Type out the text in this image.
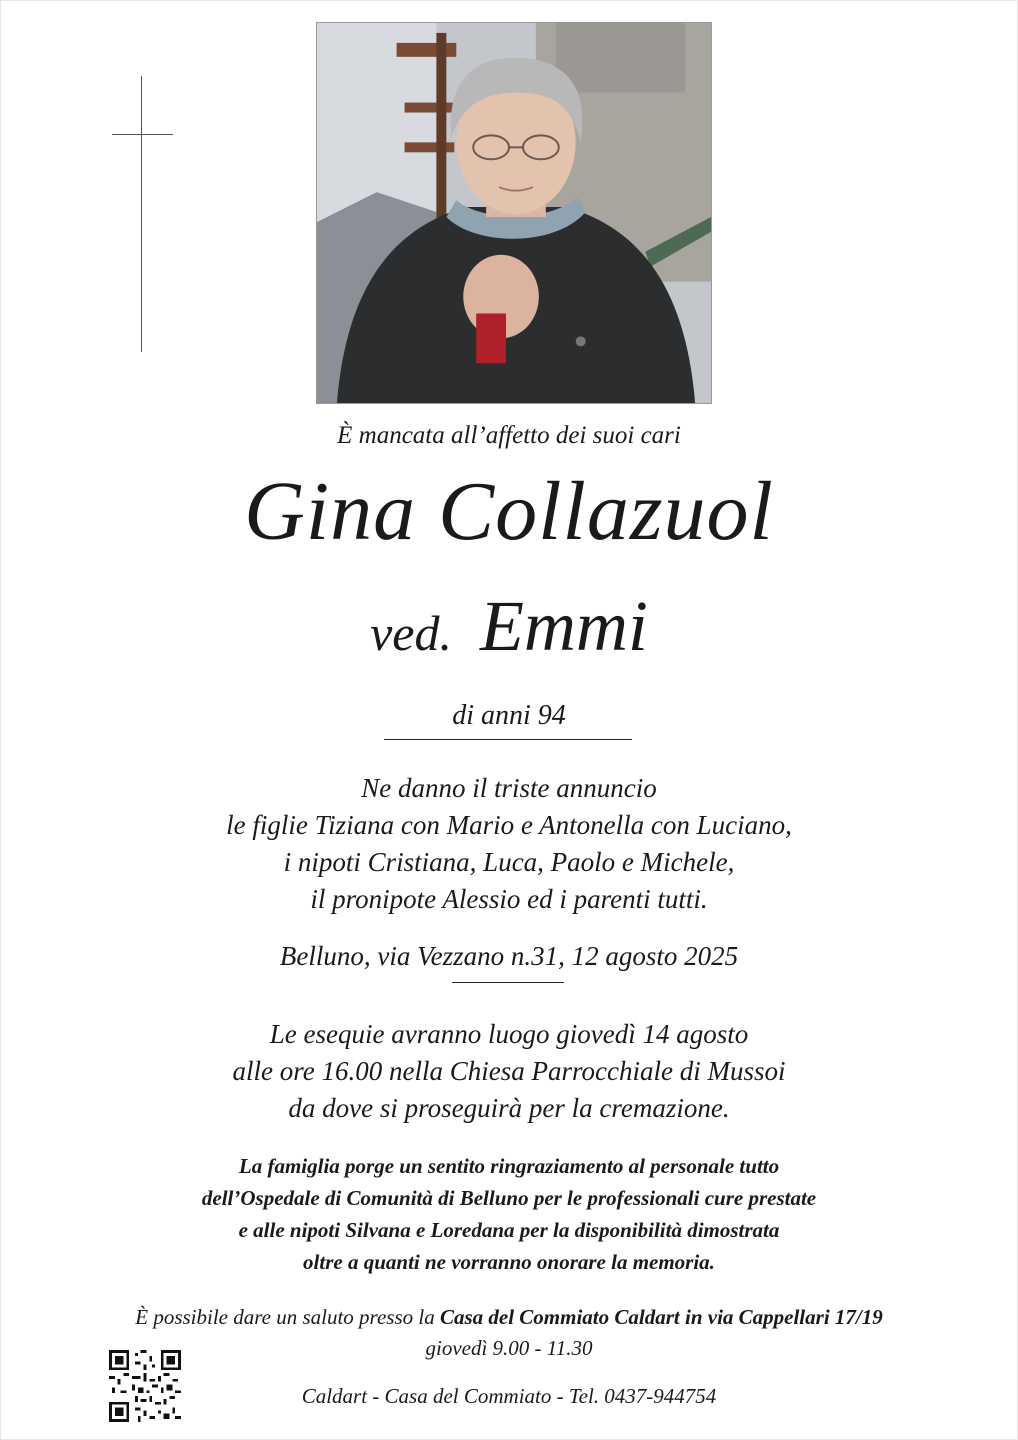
È mancata all’affetto dei suoi cari
Gina Collazuol
ved. Emmi
di anni 94
Ne danno il triste annuncio
le figlie Tiziana con Mario e Antonella con Luciano,
i nipoti Cristiana, Luca, Paolo e Michele,
il pronipote Alessio ed i parenti tutti.
Belluno, via Vezzano n.31, 12 agosto 2025
Le esequie avranno luogo giovedì 14 agosto
alle ore 16.00 nella Chiesa Parrocchiale di Mussoi
da dove si proseguirà per la cremazione.
La famiglia porge un sentito ringraziamento al personale tutto
dell’Ospedale di Comunità di Belluno per le professionali cure prestate
e alle nipoti Silvana e Loredana per la disponibilità dimostrata
oltre a quanti ne vorranno onorare la memoria.
È possibile dare un saluto presso la Casa del Commiato Caldart in via Cappellari 17/19
giovedì 9.00 - 11.30
Caldart - Casa del Commiato - Tel. 0437-944754
